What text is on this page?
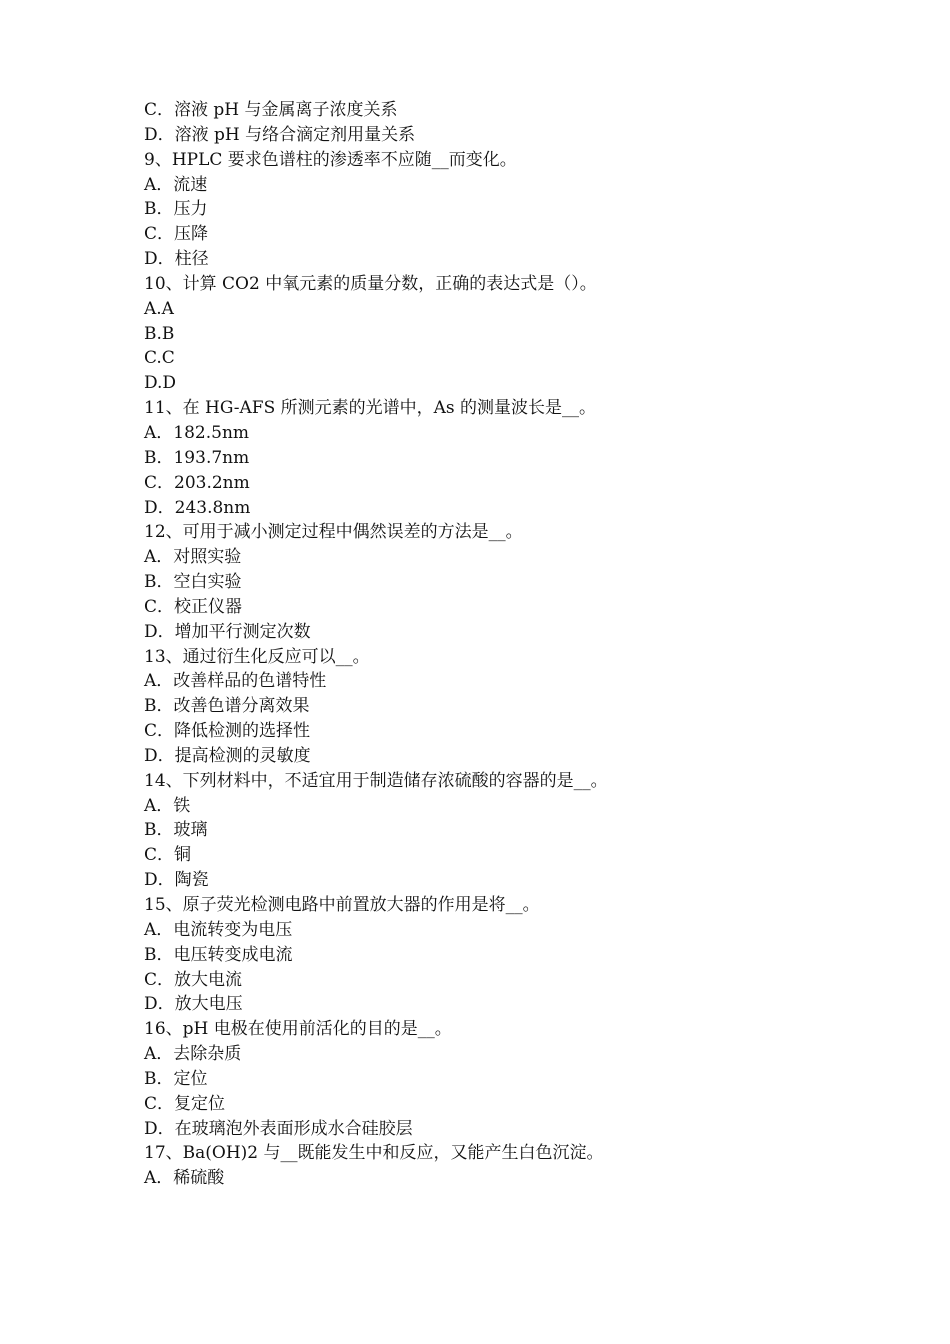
C．溶液 pH 与金属离子浓度关系
D．溶液 pH 与络合滴定剂用量关系
9、HPLC 要求色谱柱的渗透率不应随__而变化。
A．流速
B．压力
C．压降
D．柱径
10、计算 CO2 中氧元素的质量分数，正确的表达式是（）。
A.A
B.B
C.C
D.D
11、在 HG-AFS 所测元素的光谱中，As 的测量波长是__。
A．182.5nm
B．193.7nm
C．203.2nm
D．243.8nm
12、可用于减小测定过程中偶然误差的方法是__。
A．对照实验
B．空白实验
C．校正仪器
D．增加平行测定次数
13、通过衍生化反应可以__。
A．改善样品的色谱特性
B．改善色谱分离效果
C．降低检测的选择性
D．提高检测的灵敏度
14、下列材料中，不适宜用于制造储存浓硫酸的容器的是__。
A．铁
B．玻璃
C．铜
D．陶瓷
15、原子荧光检测电路中前置放大器的作用是将__。
A．电流转变为电压
B．电压转变成电流
C．放大电流
D．放大电压
16、pH 电极在使用前活化的目的是__。
A．去除杂质
B．定位
C．复定位
D．在玻璃泡外表面形成水合硅胶层
17、Ba(OH)2 与__既能发生中和反应，又能产生白色沉淀。
A．稀硫酸
